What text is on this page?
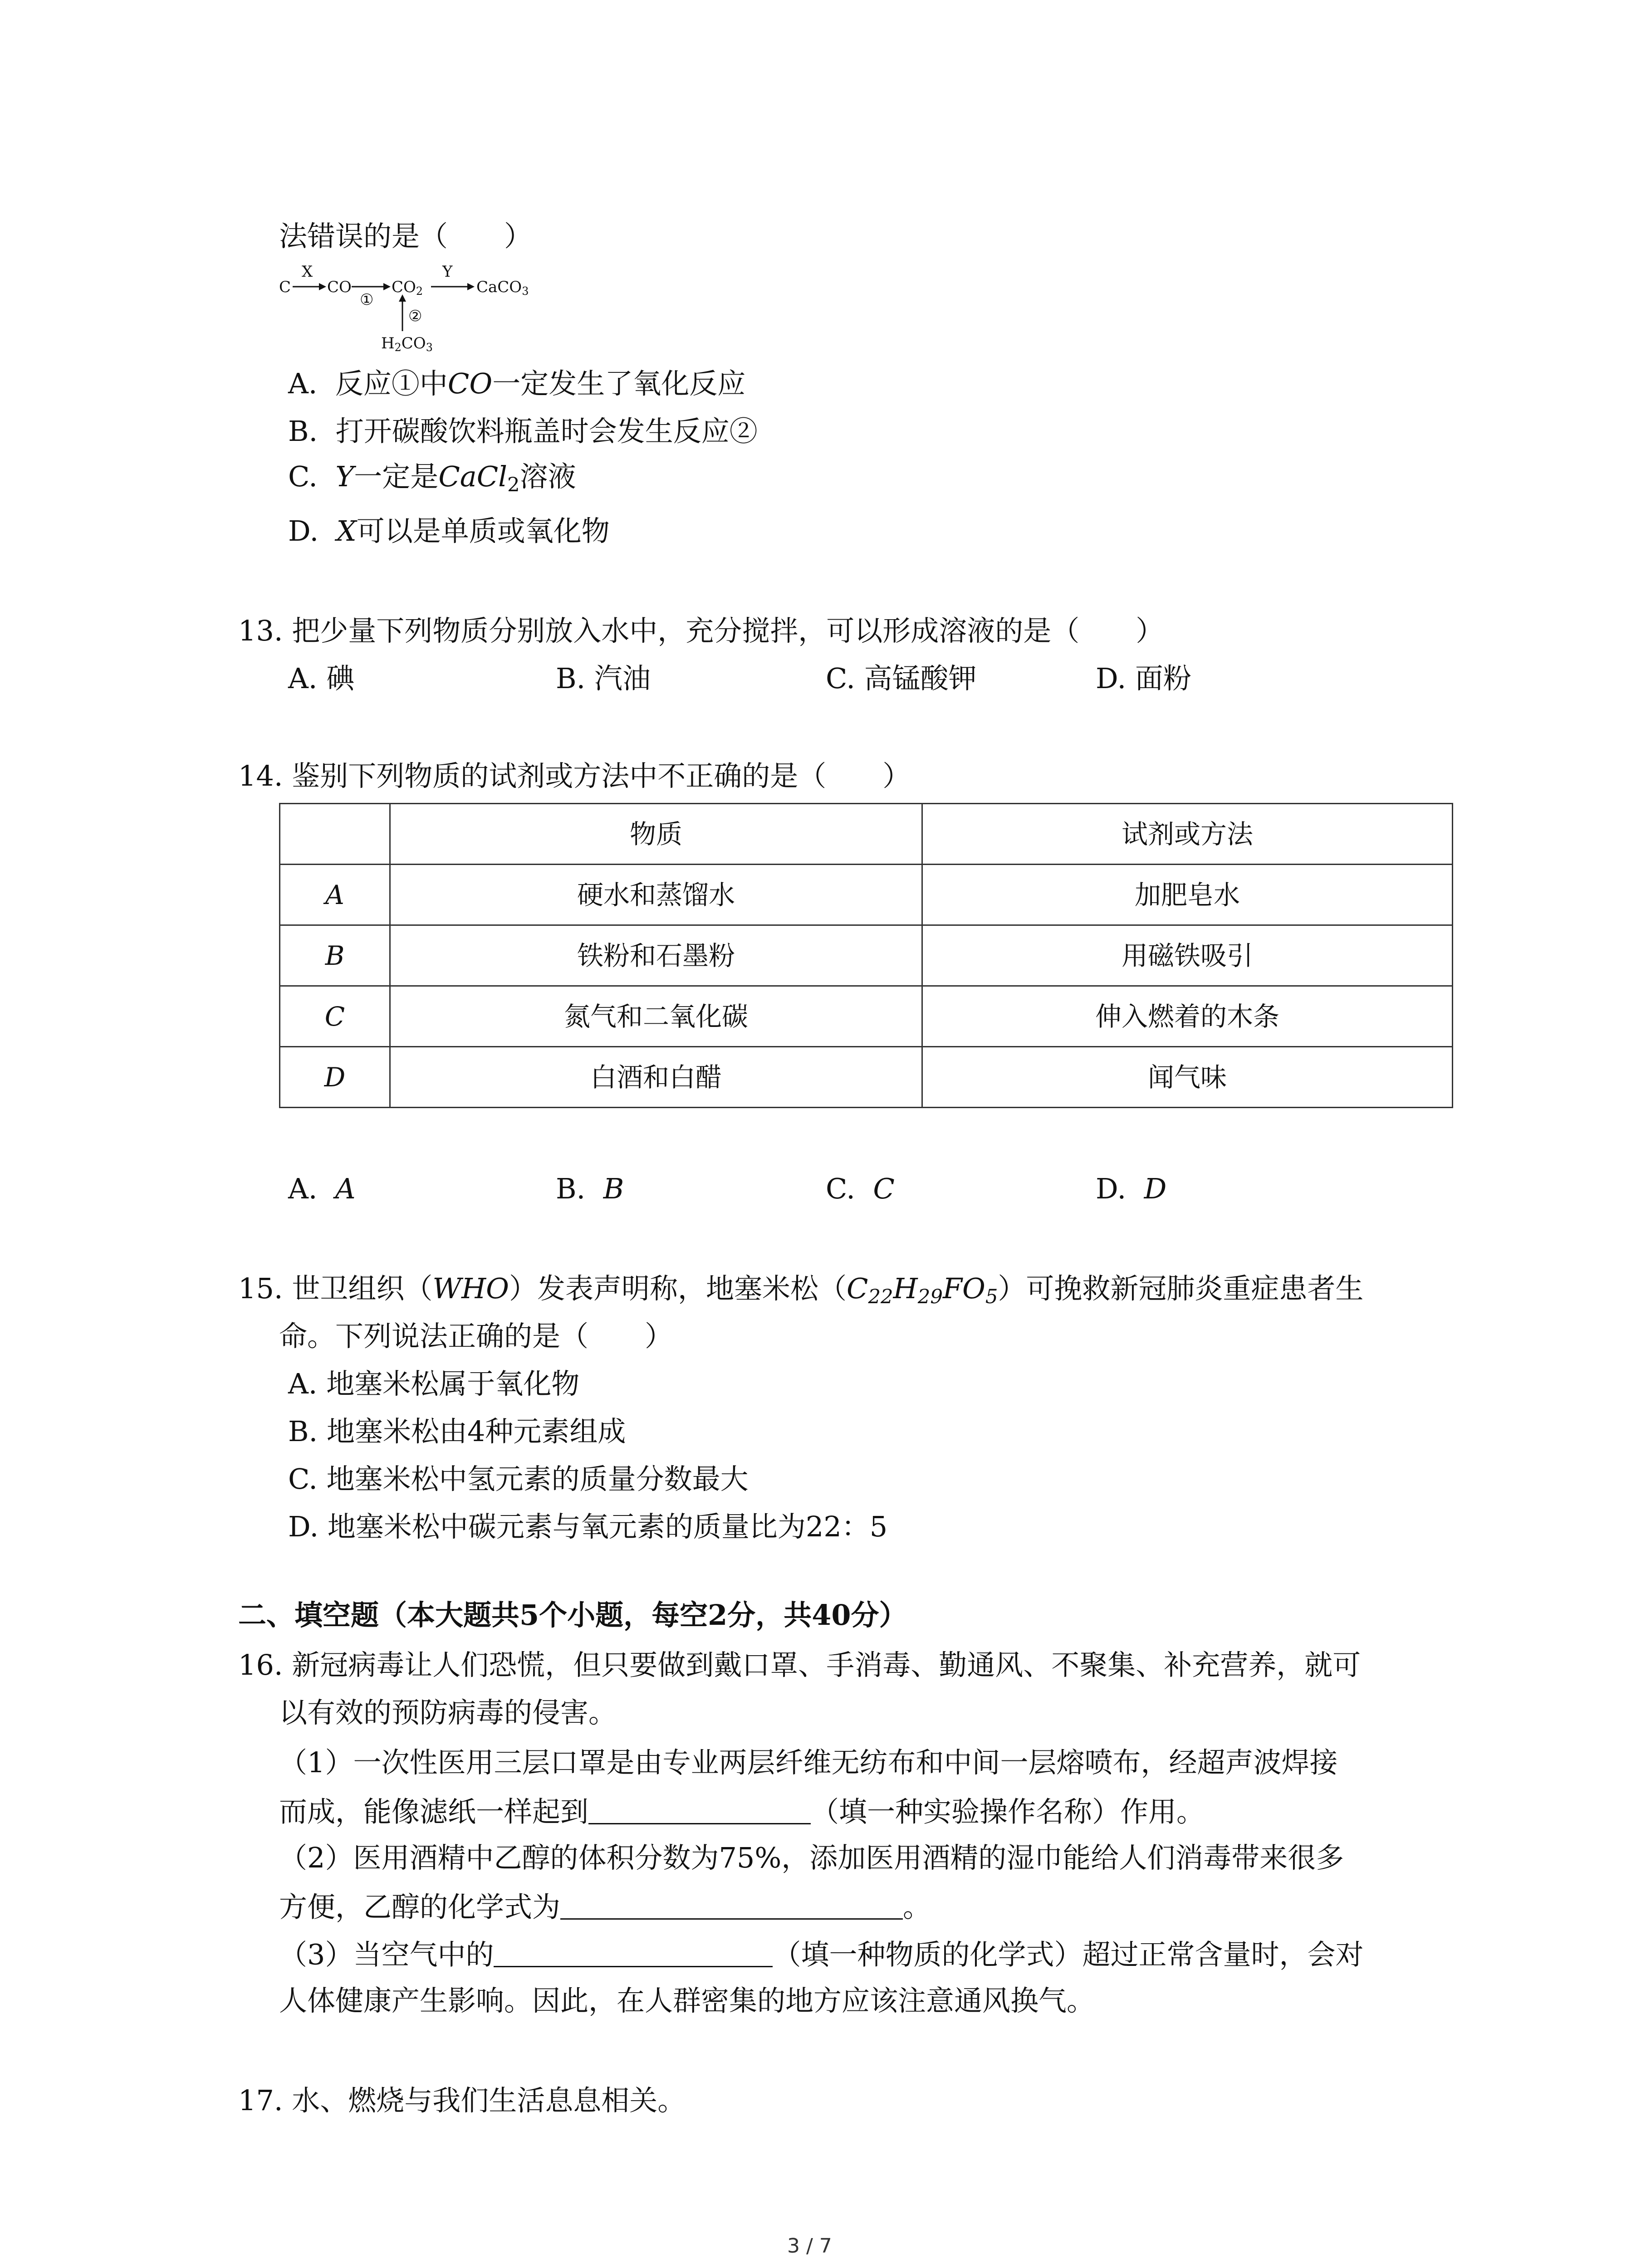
法错误的是（　　）
C
X
CO
①
$CO_2$
Y
CaCO$_3$
②
$H_2CO_3$
A. 反应①中CO一定发生了氧化反应
B. 打开碳酸饮料瓶盖时会发生反应②
C. Y一定是CaCl$_2$溶液
D. X可以是单质或氧化物
13. 把少量下列物质分别放入水中，充分搅拌，可以形成溶液的是（　　）
A. 碘	B. 汽油	C. 高锰酸钾	D. 面粉
14. 鉴别下列物质的试剂或方法中不正确的是（　　）
	物质	试剂或方法
A	硬水和蒸馏水	加肥皂水
B	铁粉和石墨粉	用磁铁吸引
C	氮气和二氧化碳	伸入燃着的木条
D	白酒和白醋	闻气味
A. A	B. B	C. C	D. D
15. 世卫组织（WHO）发表声明称，地塞米松$(C_{22}H_{29}FO_5)$可挽救新冠肺炎重症患者生
命。下列说法正确的是（　　）
A. 地塞米松属于氧化物
B. 地塞米松由4种元素组成
C. 地塞米松中氢元素的质量分数最大
D. 地塞米松中碳元素与氧元素的质量比为22：5
二、填空题（本大题共5个小题，每空2分，共40分）
16. 新冠病毒让人们恐慌，但只要做到戴口罩、手消毒、勤通风、不聚集、补充营养，就可
以有效的预防病毒的侵害。
（1）一次性医用三层口罩是由专业两层纤维无纺布和中间一层熔喷布，经超声波焊接
而成，能像滤纸一样起到	（填一种实验操作名称）作用。
（2）医用酒精中乙醇的体积分数为75%，添加医用酒精的湿巾能给人们消毒带来很多
方便，乙醇的化学式为	。
（3）当空气中的	（填一种物质的化学式）超过正常含量时，会对
人体健康产生影响。因此，在人群密集的地方应该注意通风换气。
17. 水、燃烧与我们生活息息相关。
3 / 7
